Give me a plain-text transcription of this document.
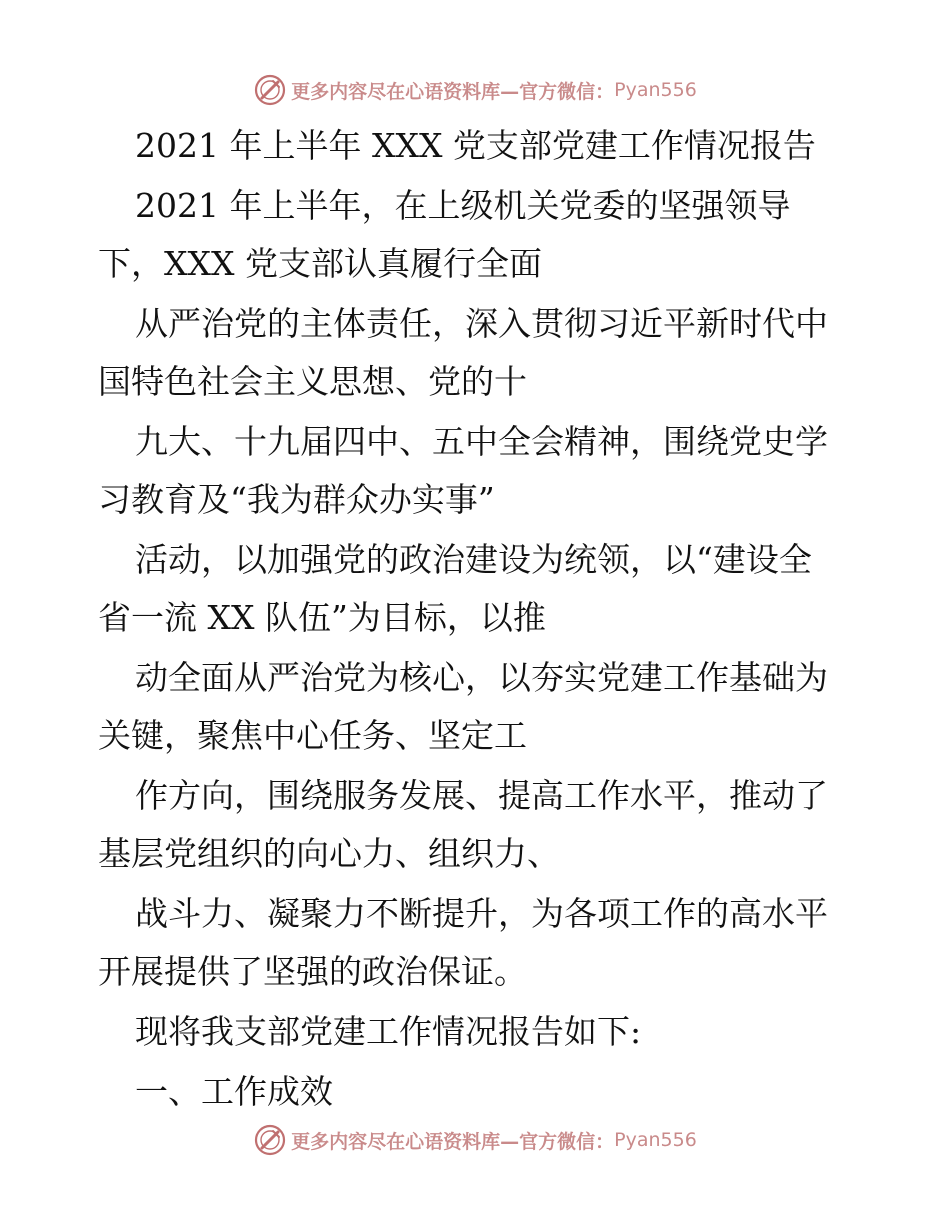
更多内容尽在心语资料库—官方微信： Pyan556
2021 年上半年 XXX 党支部党建工作情况报告
2021 年上半年，在上级机关党委的坚强领导
下，XXX 党支部认真履行全面
从严治党的主体责任，深入贯彻习近平新时代中
国特色社会主义思想、党的十
九大、十九届四中、五中全会精神，围绕党史学
习教育及“我为群众办实事”
活动，以加强党的政治建设为统领，以“建设全
省一流 XX 队伍”为目标，以推
动全面从严治党为核心，以夯实党建工作基础为
关键，聚焦中心任务、坚定工
作方向，围绕服务发展、提高工作水平，推动了
基层党组织的向心力、组织力、
战斗力、凝聚力不断提升，为各项工作的高水平
开展提供了坚强的政治保证。
现将我支部党建工作情况报告如下:
一、工作成效
更多内容尽在心语资料库—官方微信： Pyan556
